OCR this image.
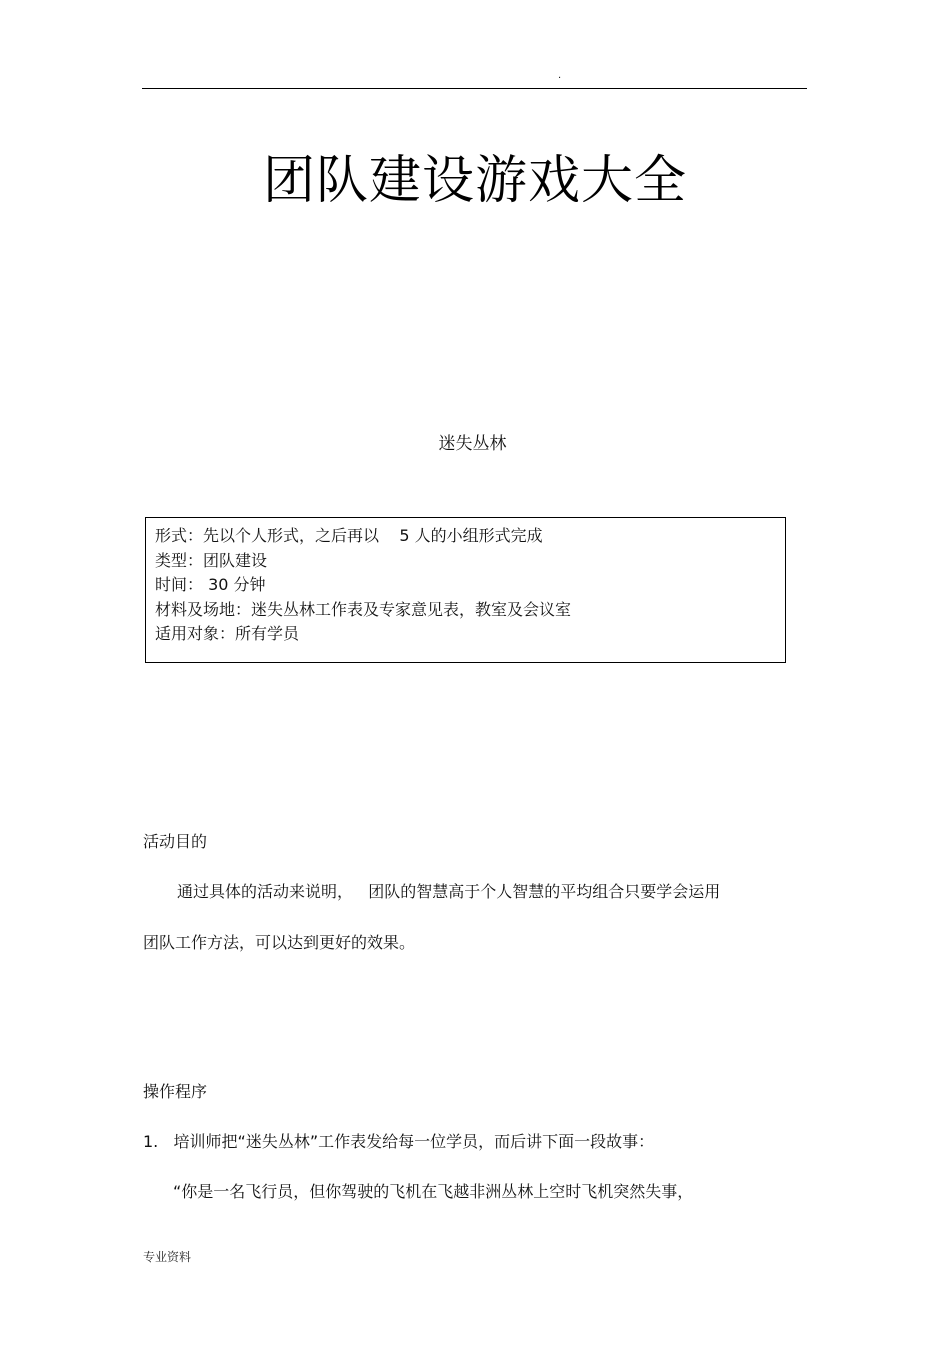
.
团队建设游戏大全
迷失丛林
形式：先以个人形式，之后再以    5 人的小组形式完成
类型：团队建设
时间： 30 分钟
材料及场地：迷失丛林工作表及专家意见表，教室及会议室
适用对象：所有学员
活动目的
通过具体的活动来说明，   团队的智慧高于个人智慧的平均组合只要学会运用
团队工作方法，可以达到更好的效果。
操作程序
1.   培训师把“迷失丛林”工作表发给每一位学员，而后讲下面一段故事：
“你是一名飞行员，但你驾驶的飞机在飞越非洲丛林上空时飞机突然失事，
专业资料
